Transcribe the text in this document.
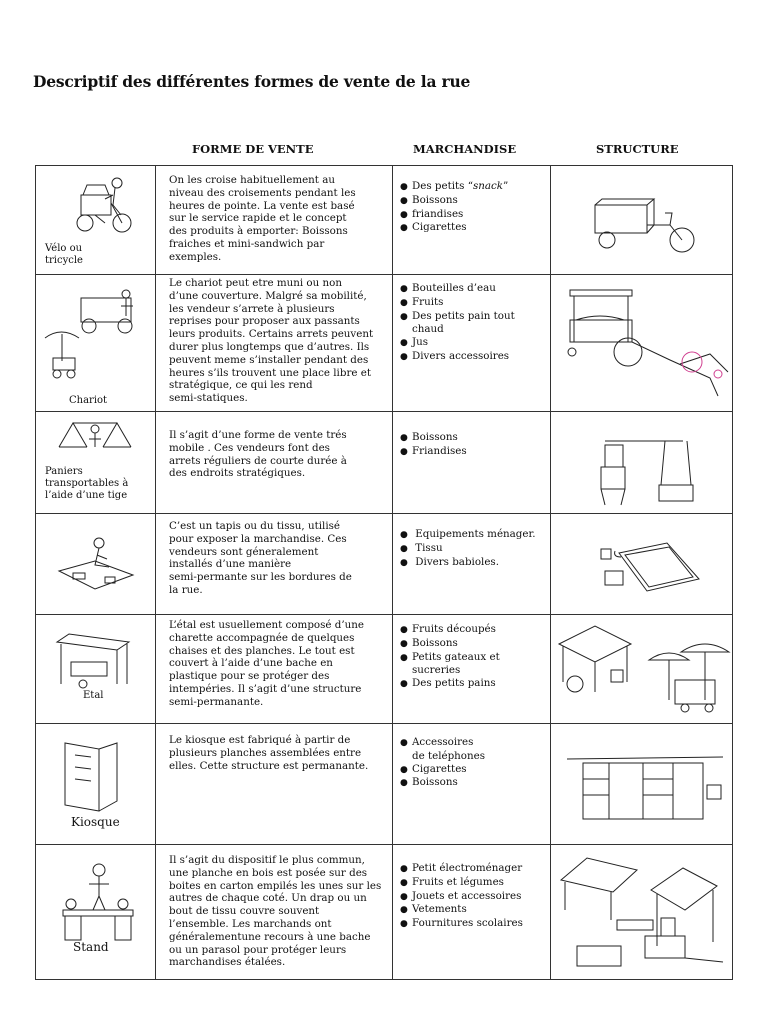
Descriptif des différentes formes de vente de la rue
FORME DE VENTE	MARCHANDISE	STRUCTURE
Vélo ou
tricycle
On les croise habituellement au
niveau des croisements pendant les
heures de pointe. La vente est basé
sur le service rapide et le concept
des produits à emporter: Boissons
fraiches et mini-sandwich par
exemples.
● Des petits “snack”
● Boissons
● friandises
● Cigarettes
Chariot
Le chariot peut etre muni ou non
d’une couverture. Malgré sa mobilité,
les vendeur s’arrete à plusieurs
reprises pour proposer aux passants
leurs produits. Certains arrets peuvent
durer plus longtemps que d’autres. Ils
peuvent meme s’installer pendant des
heures s’ils trouvent une place libre et
stratégique, ce qui les rend
semi-statiques.
● Bouteilles d’eau
● Fruits
● Des petits pain tout
chaud
● Jus
● Divers accessoires
Paniers
transportables à
l’aide d’une tige
Il s’agit d’une forme de vente trés
mobile . Ces vendeurs font des
arrets réguliers de courte durée à
des endroits stratégiques.
● Boissons
● Friandises
C’est un tapis ou du tissu, utilisé
pour exposer la marchandise. Ces
vendeurs sont géneralement
installés d’une manière
semi-permante sur les bordures de
la rue.
● Equipements ménager.
● Tissu
● Divers babioles.
Etal
L’étal est usuellement composé d’une
charette accompagnée de quelques
chaises et des planches. Le tout est
couvert à l’aide d’une bache en
plastique pour se protéger des
intempéries. Il s’agit d’une structure
semi-permanante.
● Fruits découpés
● Boissons
● Petits gateaux et
sucreries
● Des petits pains
Kiosque
Le kiosque est fabriqué à partir de
plusieurs planches assemblées entre
elles. Cette structure est permanante.
● Accessoires
de teléphones
● Cigarettes
● Boissons
Stand
Il s’agit du dispositif le plus commun,
une planche en bois est posée sur des
boites en carton empilés les unes sur les
autres de chaque coté. Un drap ou un
bout de tissu couvre souvent
l’ensemble. Les marchands ont
généralementune recours à une bache
ou un parasol pour protéger leurs
marchandises étalées.
● Petit électroménager
● Fruits et légumes
● Jouets et accessoires
● Vetements
● Fournitures scolaires
